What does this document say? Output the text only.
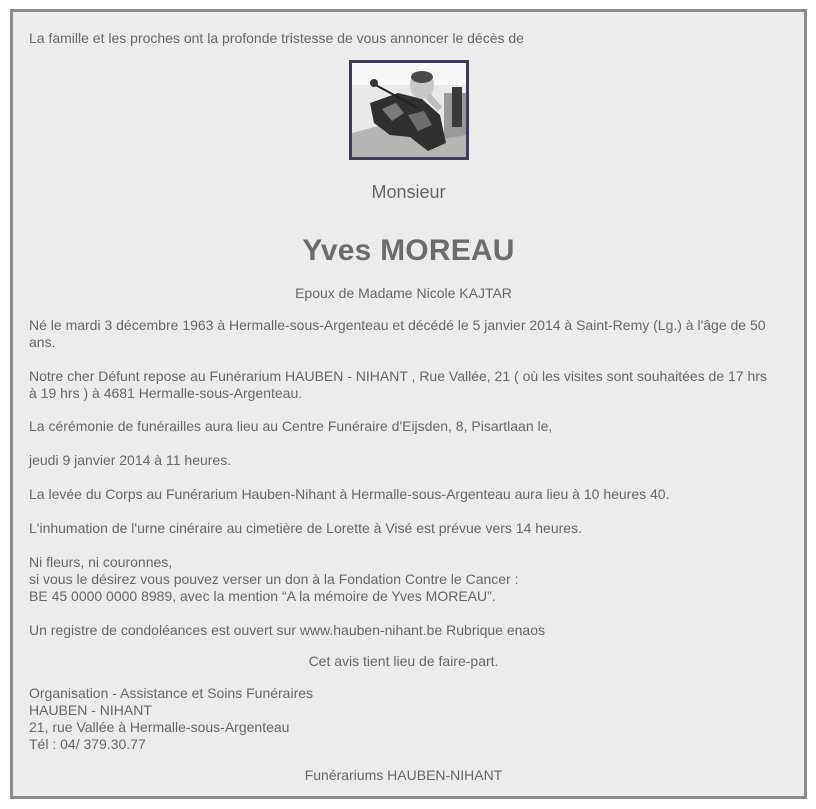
La famille et les proches ont la profonde tristesse de vous annoncer le décès de

Monsieur
Yves MOREAU

Epoux de Madame Nicole KAJTAR

Né le mardi 3 décembre 1963 à Hermalle-sous-Argenteau et décédé le 5 janvier 2014 à Saint-Remy (Lg.) à l'âge de 50 ans.

Notre cher Défunt repose au Funérarium HAUBEN - NIHANT , Rue Vallée, 21 ( où les visites sont souhaitées de 17 hrs à 19 hrs ) à 4681 Hermalle-sous-Argenteau.

La cérémonie de funérailles aura lieu au Centre Funéraire d'Eijsden, 8, Pisartlaan le,

jeudi 9 janvier 2014 à 11 heures.

La levée du Corps au Funérarium Hauben-Nihant à Hermalle-sous-Argenteau aura lieu à 10 heures 40.

L'inhumation de l'urne cinéraire au cimetière de Lorette à Visé est prévue vers 14 heures.

Ni fleurs, ni couronnes,

si vous le désirez vous pouvez verser un don à la Fondation Contre le Cancer :

BE 45 0000 0000 8989, avec la mention “A la mémoire de Yves MOREAU”.

Un registre de condoléances est ouvert sur www.hauben-nihant.be Rubrique enaos

Cet avis tient lieu de faire-part.

Organisation - Assistance et Soins Funéraires

HAUBEN - NIHANT

21, rue Vallée à Hermalle-sous-Argenteau

Tél : 04/ 379.30.77

Funérariums HAUBEN-NIHANT
